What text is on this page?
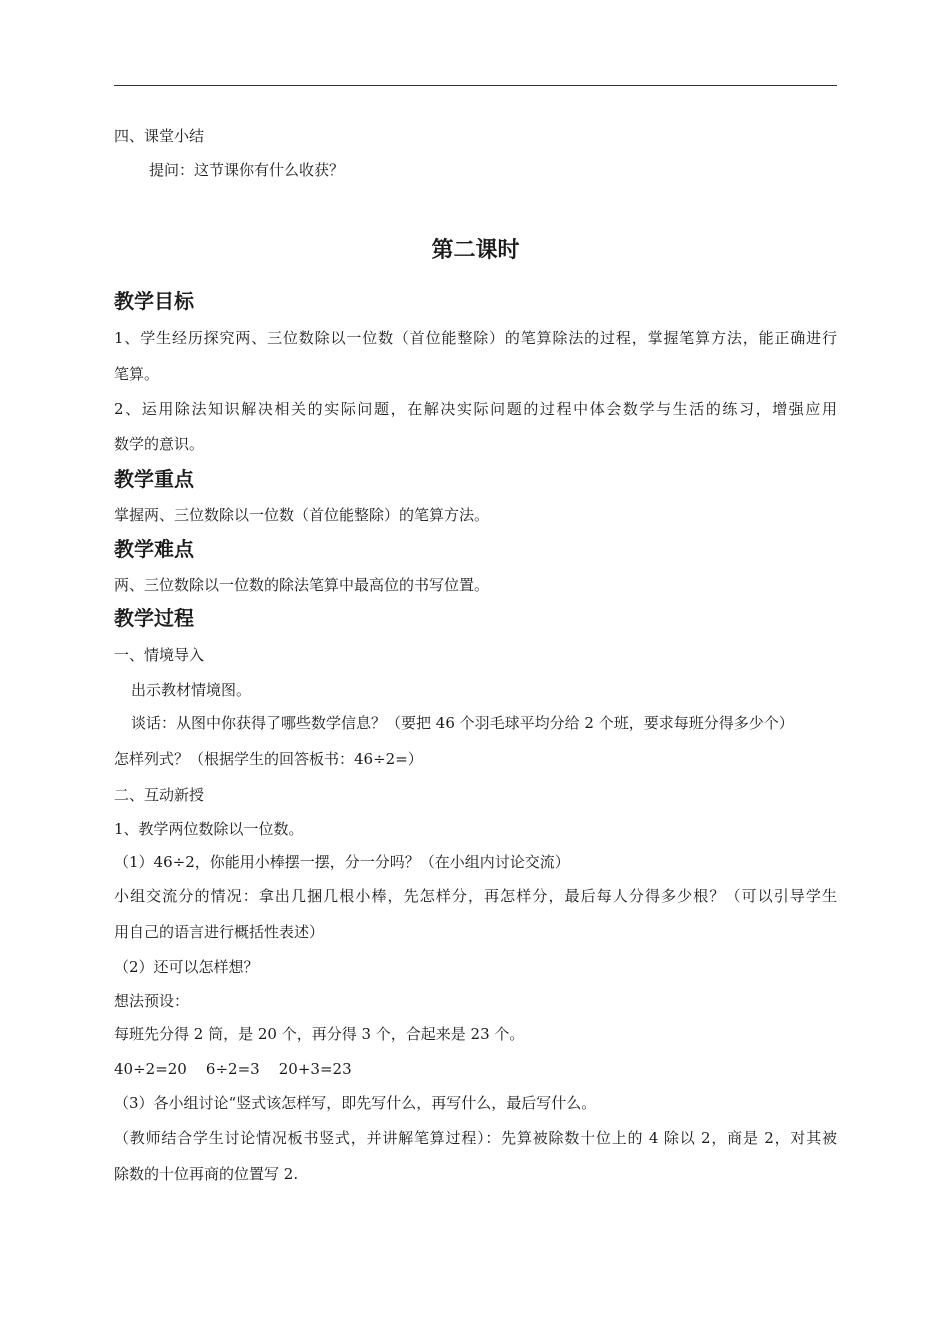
四、课堂小结
提问：这节课你有什么收获？
第二课时
教学目标
1、学生经历探究两、三位数除以一位数（首位能整除）的笔算除法的过程，掌握笔算方法，能正确进行
笔算。
2、运用除法知识解决相关的实际问题，在解决实际问题的过程中体会数学与生活的练习，增强应用
数学的意识。
教学重点
掌握两、三位数除以一位数（首位能整除）的笔算方法。
教学难点
两、三位数除以一位数的除法笔算中最高位的书写位置。
教学过程
一、情境导入
出示教材情境图。
谈话：从图中你获得了哪些数学信息？（要把 46 个羽毛球平均分给 2 个班，要求每班分得多少个）
怎样列式？（根据学生的回答板书：46÷2=）
二、互动新授
1、教学两位数除以一位数。
（1）46÷2，你能用小棒摆一摆，分一分吗？（在小组内讨论交流）
小组交流分的情况：拿出几捆几根小棒，先怎样分，再怎样分，最后每人分得多少根？（可以引导学生
用自己的语言进行概括性表述）
（2）还可以怎样想？
想法预设：
每班先分得 2 筒，是 20 个，再分得 3 个，合起来是 23 个。
40÷2=20    6÷2=3    20+3=23
（3）各小组讨论“竖式该怎样写，即先写什么，再写什么，最后写什么。
（教师结合学生讨论情况板书竖式，并讲解笔算过程）：先算被除数十位上的 4 除以 2，商是 2，对其被
除数的十位再商的位置写 2.
